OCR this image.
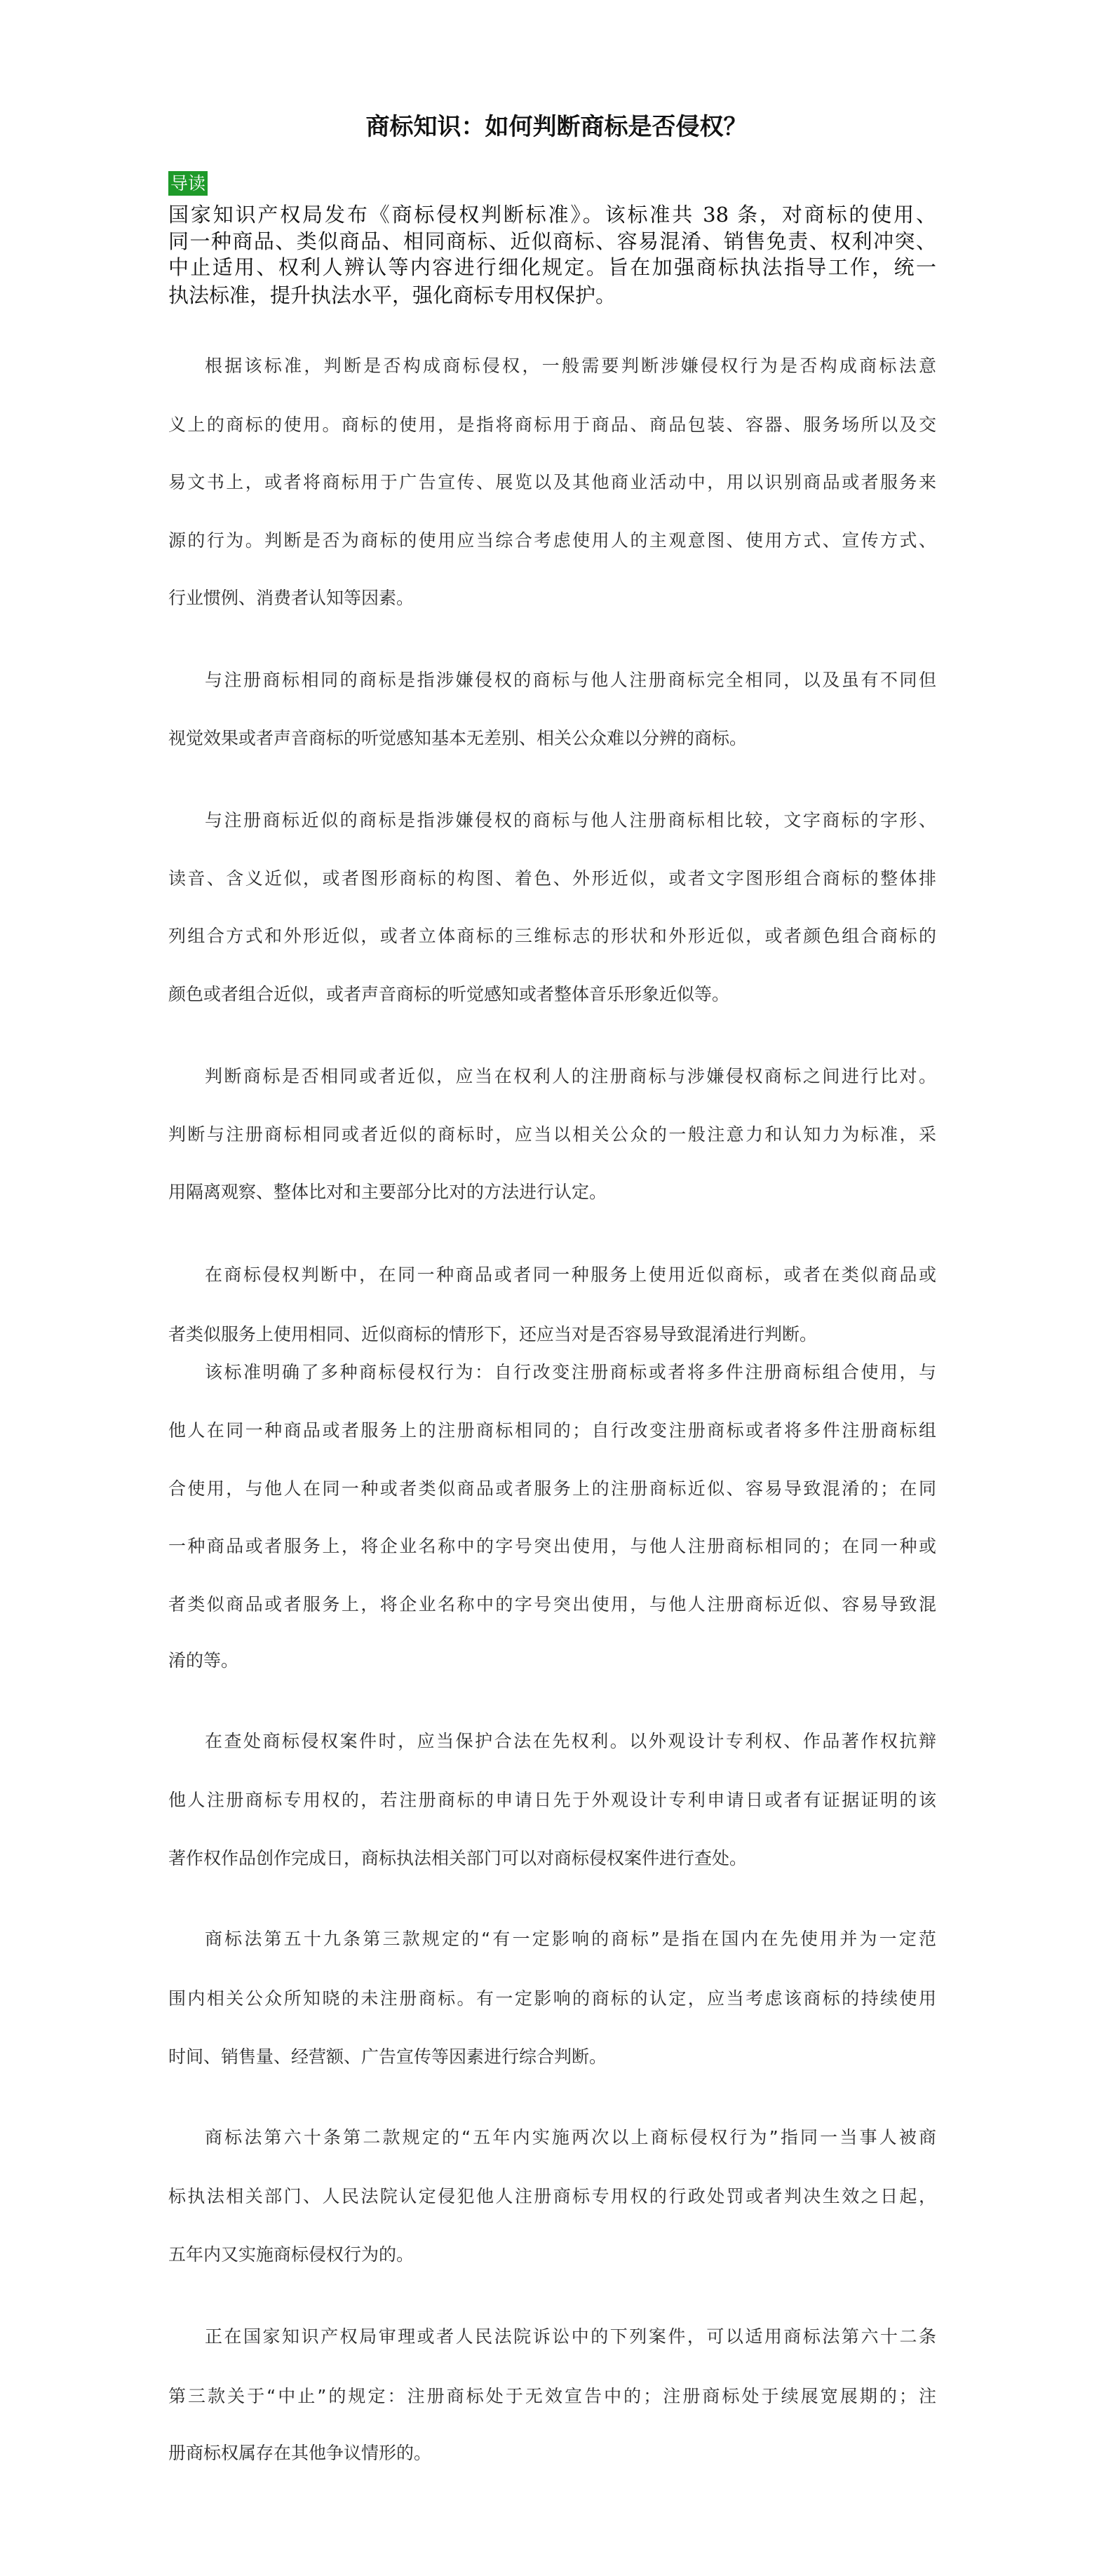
商标知识：如何判断商标是否侵权？
导读
国家知识产权局发布《商标侵权判断标准》。该标准共 38 条，对商标的使用、
同一种商品、类似商品、相同商标、近似商标、容易混淆、销售免责、权利冲突、
中止适用、权利人辨认等内容进行细化规定。旨在加强商标执法指导工作，统一
执法标准，提升执法水平，强化商标专用权保护。
根据该标准，判断是否构成商标侵权，一般需要判断涉嫌侵权行为是否构成商标法意
义上的商标的使用。商标的使用，是指将商标用于商品、商品包装、容器、服务场所以及交
易文书上，或者将商标用于广告宣传、展览以及其他商业活动中，用以识别商品或者服务来
源的行为。判断是否为商标的使用应当综合考虑使用人的主观意图、使用方式、宣传方式、
行业惯例、消费者认知等因素。
与注册商标相同的商标是指涉嫌侵权的商标与他人注册商标完全相同，以及虽有不同但
视觉效果或者声音商标的听觉感知基本无差别、相关公众难以分辨的商标。
与注册商标近似的商标是指涉嫌侵权的商标与他人注册商标相比较，文字商标的字形、
读音、含义近似，或者图形商标的构图、着色、外形近似，或者文字图形组合商标的整体排
列组合方式和外形近似，或者立体商标的三维标志的形状和外形近似，或者颜色组合商标的
颜色或者组合近似，或者声音商标的听觉感知或者整体音乐形象近似等。
判断商标是否相同或者近似，应当在权利人的注册商标与涉嫌侵权商标之间进行比对。
判断与注册商标相同或者近似的商标时，应当以相关公众的一般注意力和认知力为标准，采
用隔离观察、整体比对和主要部分比对的方法进行认定。
在商标侵权判断中，在同一种商品或者同一种服务上使用近似商标，或者在类似商品或
者类似服务上使用相同、近似商标的情形下，还应当对是否容易导致混淆进行判断。
该标准明确了多种商标侵权行为：自行改变注册商标或者将多件注册商标组合使用，与
他人在同一种商品或者服务上的注册商标相同的；自行改变注册商标或者将多件注册商标组
合使用，与他人在同一种或者类似商品或者服务上的注册商标近似、容易导致混淆的；在同
一种商品或者服务上，将企业名称中的字号突出使用，与他人注册商标相同的；在同一种或
者类似商品或者服务上，将企业名称中的字号突出使用，与他人注册商标近似、容易导致混
淆的等。
在查处商标侵权案件时，应当保护合法在先权利。以外观设计专利权、作品著作权抗辩
他人注册商标专用权的，若注册商标的申请日先于外观设计专利申请日或者有证据证明的该
著作权作品创作完成日，商标执法相关部门可以对商标侵权案件进行查处。
商标法第五十九条第三款规定的“有一定影响的商标”是指在国内在先使用并为一定范
围内相关公众所知晓的未注册商标。有一定影响的商标的认定，应当考虑该商标的持续使用
时间、销售量、经营额、广告宣传等因素进行综合判断。
商标法第六十条第二款规定的“五年内实施两次以上商标侵权行为”指同一当事人被商
标执法相关部门、人民法院认定侵犯他人注册商标专用权的行政处罚或者判决生效之日起，
五年内又实施商标侵权行为的。
正在国家知识产权局审理或者人民法院诉讼中的下列案件，可以适用商标法第六十二条
第三款关于“中止”的规定：注册商标处于无效宣告中的；注册商标处于续展宽展期的；注
册商标权属存在其他争议情形的。
